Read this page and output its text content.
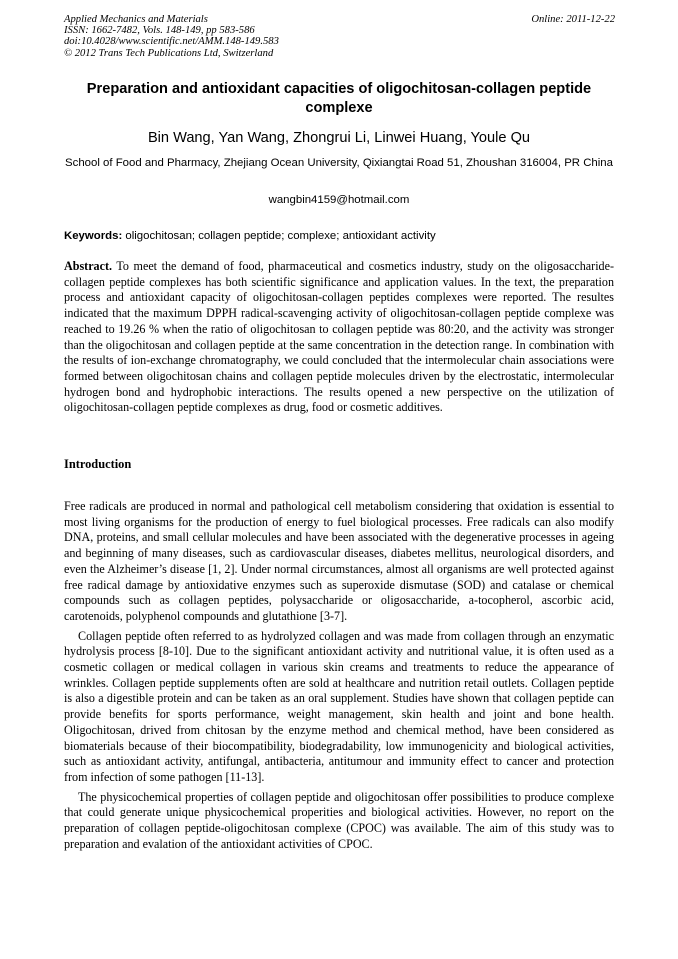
Applied Mechanics and Materials
ISSN: 1662-7482, Vols. 148-149, pp 583-586
doi:10.4028/www.scientific.net/AMM.148-149.583
© 2012 Trans Tech Publications Ltd, Switzerland
Online: 2011-12-22
Preparation and antioxidant capacities of oligochitosan-collagen peptide complexe
Bin Wang, Yan Wang, Zhongrui Li, Linwei Huang, Youle Qu
School of Food and Pharmacy, Zhejiang Ocean University, Qixiangtai Road 51, Zhoushan 316004, PR China
wangbin4159@hotmail.com
Keywords: oligochitosan; collagen peptide; complexe; antioxidant activity
Abstract. To meet the demand of food, pharmaceutical and cosmetics industry, study on the oligosaccharide- collagen peptide complexes has both scientific significance and application values. In the text, the preparation process and antioxidant capacity of oligochitosan-collagen peptides complexes were reported. The resultes indicated that the maximum DPPH radical-scavenging activity of oligochitosan-collagen peptide complexe was reached to 19.26 % when the ratio of oligochitosan to collagen peptide was 80:20, and the activity was stronger than the oligochitosan and collagen peptide at the same concentration in the detection range. In combination with the results of ion-exchange chromatography, we could concluded that the intermolecular chain associations were formed between oligochitosan chains and collagen peptide molecules driven by the electrostatic, intermolecular hydrogen bond and hydrophobic interactions. The results opened a new perspective on the utilization of oligochitosan-collagen peptide complexes as drug, food or cosmetic additives.
Introduction

Free radicals are produced in normal and pathological cell metabolism considering that oxidation is essential to most living organisms for the production of energy to fuel biological processes. Free radicals can also modify DNA, proteins, and small cellular molecules and have been associated with the degenerative processes in ageing and beginning of many diseases, such as cardiovascular diseases, diabetes mellitus, neurological disorders, and even the Alzheimer’s disease [1, 2]. Under normal circumstances, almost all organisms are well protected against free radical damage by antioxidative enzymes such as superoxide dismutase (SOD) and catalase or chemical compounds such as collagen peptides, polysaccharide or oligosaccharide, a-tocopherol, ascorbic acid, carotenoids, polyphenol compounds and glutathione [3-7].

Collagen peptide often referred to as hydrolyzed collagen and was made from collagen through an enzymatic hydrolysis process [8-10]. Due to the significant antioxidant activity and nutritional value, it is often used as a cosmetic collagen or medical collagen in various skin creams and treatments to reduce the appearance of wrinkles. Collagen peptide supplements often are sold at healthcare and nutrition retail outlets. Collagen peptide is also a digestible protein and can be taken as an oral supplement. Studies have shown that collagen peptide can provide benefits for sports performance, weight management, skin health and joint and bone health. Oligochitosan, drived from chitosan by the enzyme method and chemical method, have been considered as biomaterials because of their biocompatibility, biodegradability, low immunogenicity and biological activities, such as antioxidant activity, antifungal, antibacteria, antitumour and immunity effect to cancer and protection from infection of some pathogen [11-13].

The physicochemical properties of collagen peptide and oligochitosan offer possibilities to produce complexe that could generate unique physicochemical properities and biological activities. However, no report on the preparation of collagen peptide-oligochitosan complexe (CPOC) was available. The aim of this study was to preparation and evalation of the antioxidant activities of CPOC.
